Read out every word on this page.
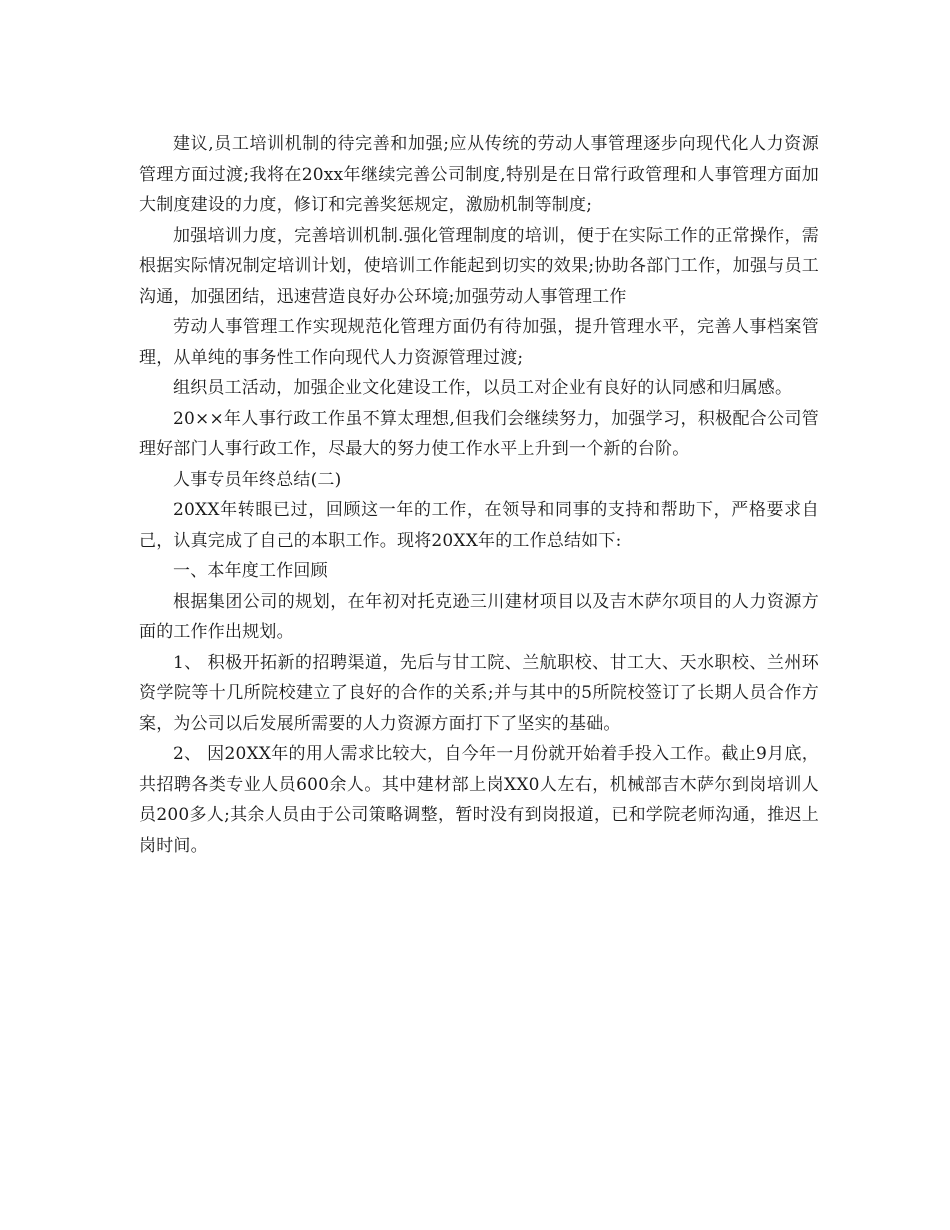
建议,员工培训机制的待完善和加强;应从传统的劳动人事管理逐步向现代化人力资源管理方面过渡;我将在20xx年继续完善公司制度,特别是在日常行政管理和人事管理方面加大制度建设的力度，修订和完善奖惩规定，激励机制等制度;

加强培训力度，完善培训机制.强化管理制度的培训，便于在实际工作的正常操作，需根据实际情况制定培训计划，使培训工作能起到切实的效果;协助各部门工作，加强与员工沟通，加强团结，迅速营造良好办公环境;加强劳动人事管理工作

劳动人事管理工作实现规范化管理方面仍有待加强，提升管理水平，完善人事档案管理，从单纯的事务性工作向现代人力资源管理过渡;

组织员工活动，加强企业文化建设工作，以员工对企业有良好的认同感和归属感。

20××年人事行政工作虽不算太理想,但我们会继续努力，加强学习，积极配合公司管理好部门人事行政工作，尽最大的努力使工作水平上升到一个新的台阶。

人事专员年终总结(二)

20XX年转眼已过，回顾这一年的工作，在领导和同事的支持和帮助下，严格要求自己，认真完成了自己的本职工作。现将20XX年的工作总结如下:

一、本年度工作回顾

根据集团公司的规划，在年初对托克逊三川建材项目以及吉木萨尔项目的人力资源方面的工作作出规划。

1、 积极开拓新的招聘渠道，先后与甘工院、兰航职校、甘工大、天水职校、兰州环资学院等十几所院校建立了良好的合作的关系;并与其中的5所院校签订了长期人员合作方案，为公司以后发展所需要的人力资源方面打下了坚实的基础。

2、 因20XX年的用人需求比较大，自今年一月份就开始着手投入工作。截止9月底，共招聘各类专业人员600余人。其中建材部上岗XX0人左右，机械部吉木萨尔到岗培训人员200多人;其余人员由于公司策略调整，暂时没有到岗报道，已和学院老师沟通，推迟上岗时间。
